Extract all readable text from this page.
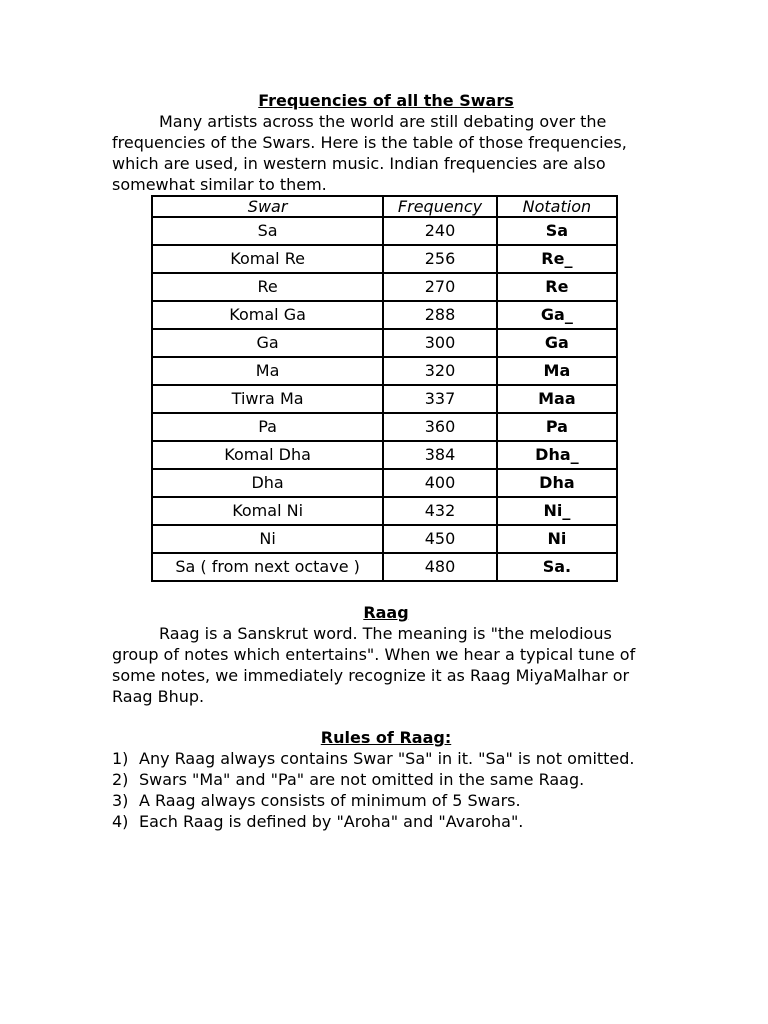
Frequencies of all the Swars

Many artists across the world are still debating over the frequencies of the Swars. Here is the table of those frequencies, which are used, in western music. Indian frequencies are also somewhat similar to them.

Swar	Frequency	Notation
Sa	240	Sa
Komal Re	256	Re_
Re	270	Re
Komal Ga	288	Ga_
Ga	300	Ga
Ma	320	Ma
Tiwra Ma	337	Maa
Pa	360	Pa
Komal Dha	384	Dha_
Dha	400	Dha
Komal Ni	432	Ni_
Ni	450	Ni
Sa ( from next octave )	480	Sa.

Raag

Raag is a Sanskrut word. The meaning is "the melodious group of notes which entertains". When we hear a typical tune of some notes, we immediately recognize it as Raag MiyaMalhar or Raag Bhup.

Rules of Raag:

1) Any Raag always contains Swar "Sa" in it. "Sa" is not omitted.
2) Swars "Ma" and "Pa" are not omitted in the same Raag.
3) A Raag always consists of minimum of 5 Swars.
4) Each Raag is defined by "Aroha" and "Avaroha".
